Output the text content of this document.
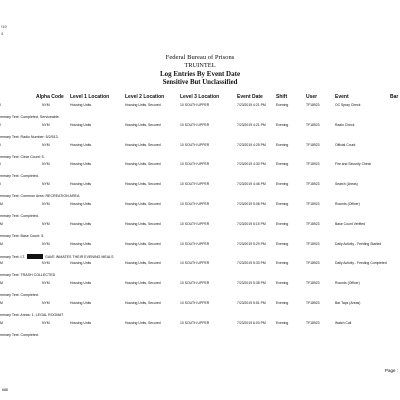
!19
4
Federal Bureau of Prisons
TRUINTEL
Log Entries By Event Date
Sensitive But Unclassified
Alpha Code Level 1 Location	Level 2 Location	Level 3 Location	Event Date	Shift	User	Event	Bar
I	NYM	Housing Units	Housing Units, Secured	10 SOUTH UPPER	7/23/2019 4:21 PM	Evening	TF18923	OC Spray Check
mmary Text: Completed, Serviceable.
I	NYM	Housing Units	Housing Units, Secured	10 SOUTH UPPER	7/23/2019 4:21 PM	Evening	TF18923	Radio Check
mmary Text: Radio Number: 5/2/513.
I	NYM	Housing Units	Housing Units, Secured	10 SOUTH UPPER	7/23/2019 4:25 PM	Evening	TF18923	Official Count
mmary Text: Clear Count: 5.
I	NYM	Housing Units	Housing Units, Secured	10 SOUTH UPPER	7/23/2019 4:30 PM	Evening	TF18923	Fire and Security Check
mmary Text: Completed.
I	NYM	Housing Units	Housing Units, Secured	10 SOUTH UPPER	7/23/2019 4:46 PM	Evening	TF18923	Search (Areas)
mmary Text: Common Area: RECREATION AREA.
M	NYM	Housing Units	Housing Units, Secured	10 SOUTH UPPER	7/23/2019 5:08 PM	Evening	TF18923	Rounds (Officer)
mmary Text: Completed.
M	NYM	Housing Units	Housing Units, Secured	10 SOUTH UPPER	7/23/2019 5:15 PM	Evening	TF18923	Base Count Verified
mmary Text: Base Count: 5.
M	NYM	Housing Units	Housing Units, Secured	10 SOUTH UPPER	7/23/2019 5:29 PM	Evening	TF18923	Daily Activity - Feeding Started
mmary Text: LT.	GAVE INMATES THEIR EVENING MEALS
M	NYM	Housing Units	Housing Units, Secured	10 SOUTH UPPER	7/23/2019 5:33 PM	Evening	TF18923	Daily Activity - Feeding Completed
mmary Text: TRASH COLLECTED
M	NYM	Housing Units	Housing Units, Secured	10 SOUTH UPPER	7/23/2019 5:38 PM	Evening	TF18923	Rounds (Officer)
mmary Text: Completed.
M	NYM	Housing Units	Housing Units, Secured	10 SOUTH UPPER	7/23/2019 5:51 PM	Evening	TF18923	Bar Taps (Areas)
mmary Text: Areas: 1, LEGAL ROOM#7
M	NYM	Housing Units	Housing Units, Secured	10 SOUTH UPPER	7/23/2019 6:03 PM	Evening	TF18923	Watch Call
mmary Text: Completed.
688
Page :
